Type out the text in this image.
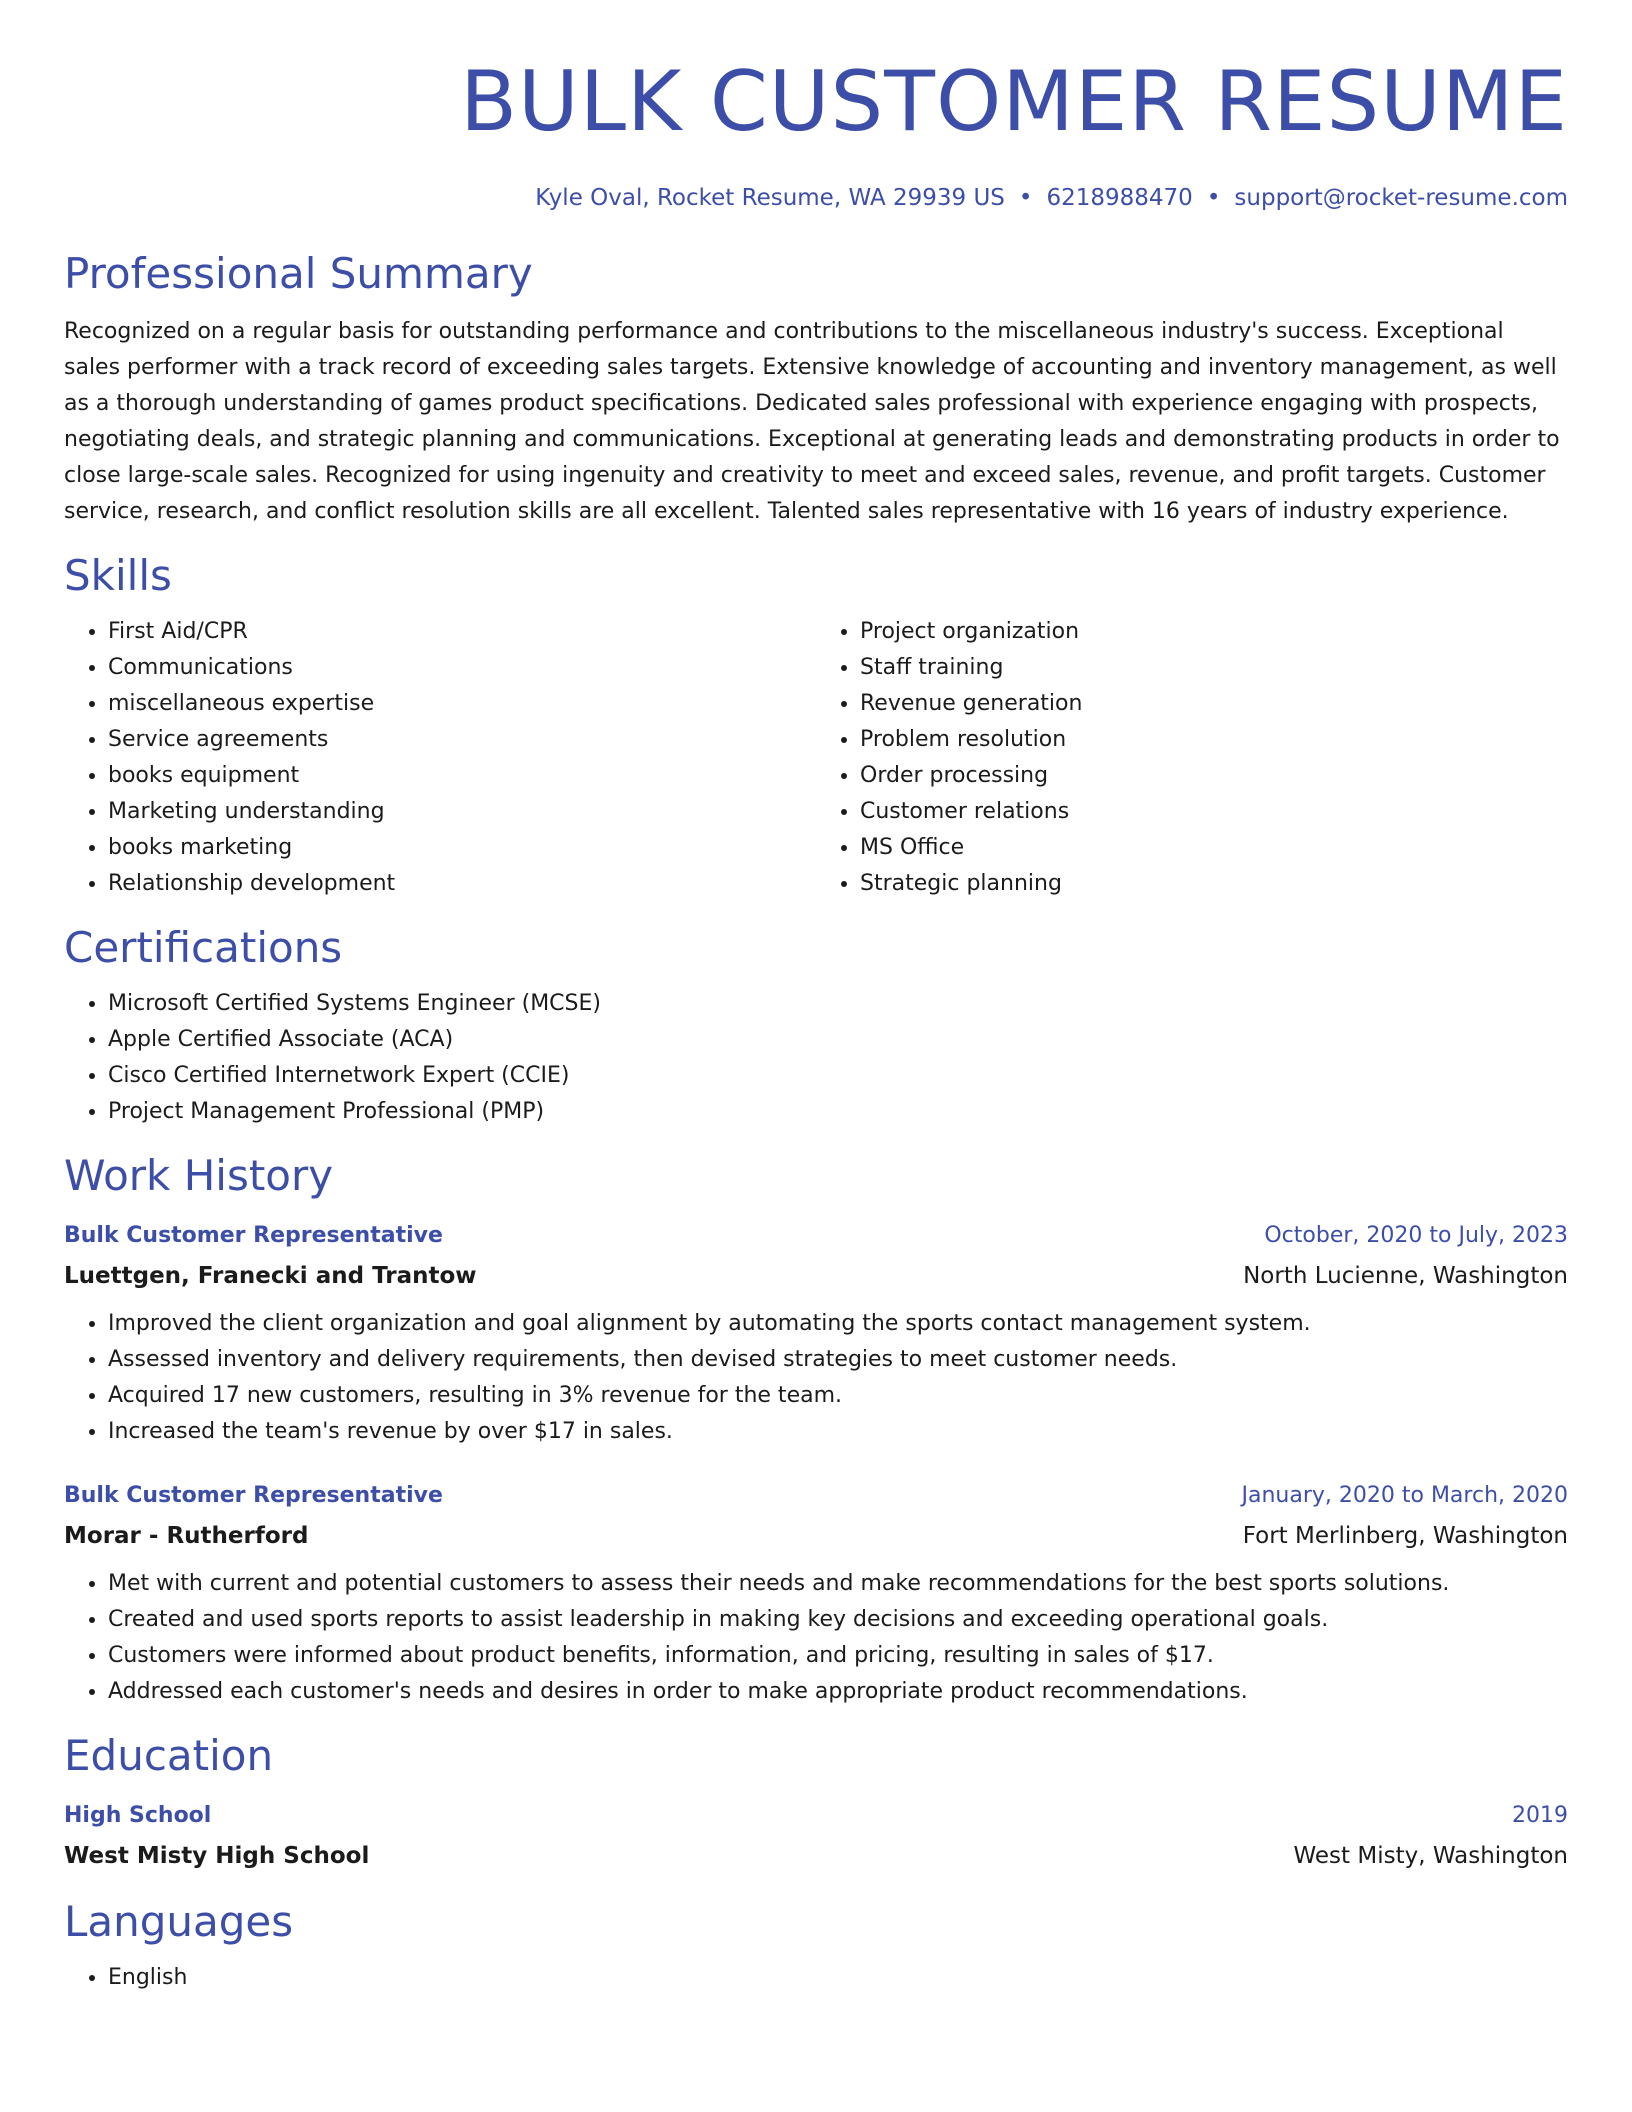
BULK CUSTOMER RESUME
Kyle Oval, Rocket Resume, WA 29939 US • 6218988470 • support@rocket-resume.com
Professional Summary
Recognized on a regular basis for outstanding performance and contributions to the miscellaneous industry's success. Exceptional sales performer with a track record of exceeding sales targets. Extensive knowledge of accounting and inventory management, as well as a thorough understanding of games product specifications. Dedicated sales professional with experience engaging with prospects, negotiating deals, and strategic planning and communications. Exceptional at generating leads and demonstrating products in order to close large-scale sales. Recognized for using ingenuity and creativity to meet and exceed sales, revenue, and profit targets. Customer service, research, and conflict resolution skills are all excellent. Talented sales representative with 16 years of industry experience.
Skills
• First Aid/CPR
• Communications
• miscellaneous expertise
• Service agreements
• books equipment
• Marketing understanding
• books marketing
• Relationship development
• Project organization
• Staff training
• Revenue generation
• Problem resolution
• Order processing
• Customer relations
• MS Office
• Strategic planning
Certifications
• Microsoft Certified Systems Engineer (MCSE)
• Apple Certified Associate (ACA)
• Cisco Certified Internetwork Expert (CCIE)
• Project Management Professional (PMP)
Work History
Bulk Customer Representative	October, 2020 to July, 2023
Luettgen, Franecki and Trantow	North Lucienne, Washington
• Improved the client organization and goal alignment by automating the sports contact management system.
• Assessed inventory and delivery requirements, then devised strategies to meet customer needs.
• Acquired 17 new customers, resulting in 3% revenue for the team.
• Increased the team's revenue by over $17 in sales.
Bulk Customer Representative	January, 2020 to March, 2020
Morar - Rutherford	Fort Merlinberg, Washington
• Met with current and potential customers to assess their needs and make recommendations for the best sports solutions.
• Created and used sports reports to assist leadership in making key decisions and exceeding operational goals.
• Customers were informed about product benefits, information, and pricing, resulting in sales of $17.
• Addressed each customer's needs and desires in order to make appropriate product recommendations.
Education
High School	2019
West Misty High School	West Misty, Washington
Languages
• English
